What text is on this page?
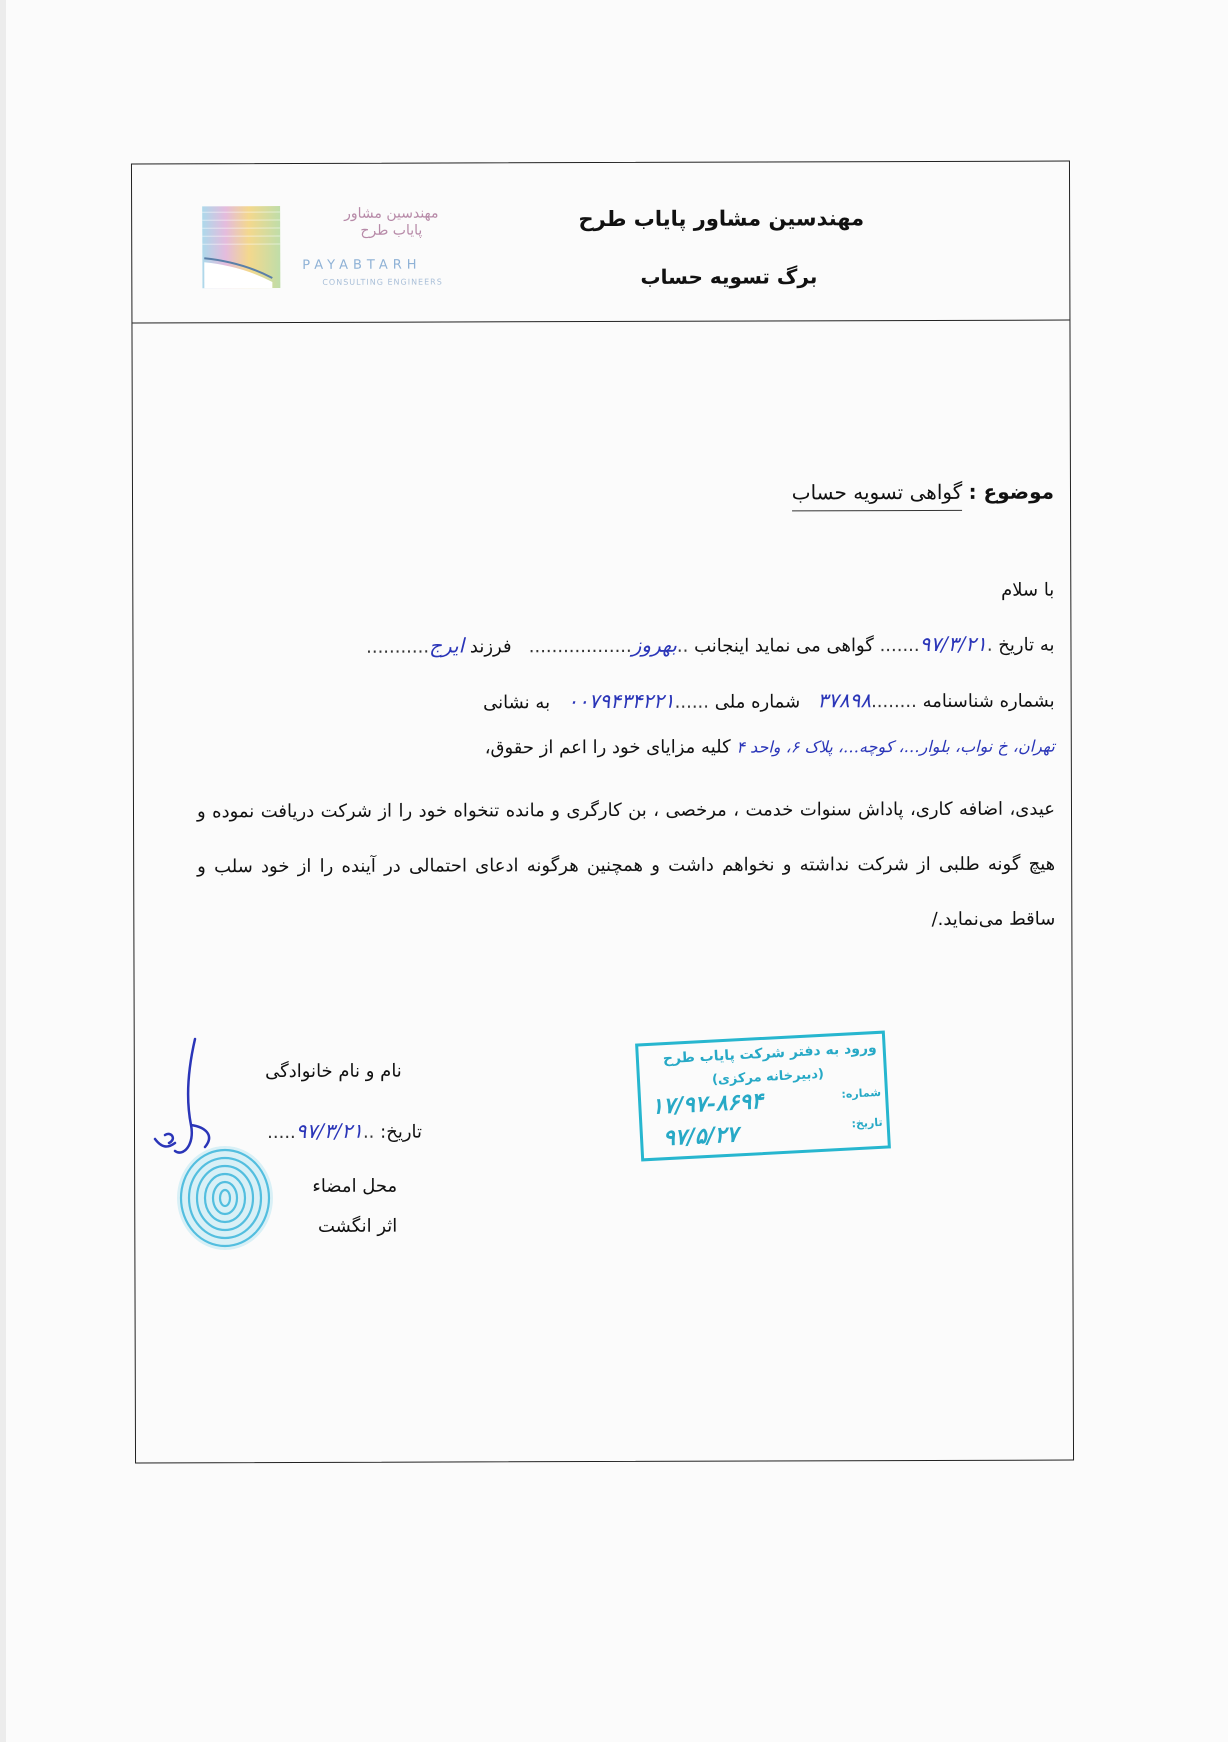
مهندسین مشاور پایاب طرح
برگ تسویه حساب
مهندسین مشاور
پایاب طرح
PAYABTARH
CONSULTING ENGINEERS
موضوع : گواهی تسویه حساب
با سلام
به تاریخ .۹۷/۳/۲۱....... گواهی می نماید اینجانب ..بهروز..................   فرزند ایرج...........
بشماره شناسنامه ........۳۷۸۹۸   شماره ملی ......۰۰۷۹۴۳۴۲۲۱   به نشانی
تهران، خ نواب، بلوار…، کوچه…، پلاک ۶، واحد ۴ کلیه مزایای خود را اعم از حقوق،
عیدی، اضافه کاری، پاداش سنوات خدمت ، مرخصی ، بن کارگری و مانده تنخواه خود را از شرکت دریافت نموده و هیچ گونه طلبی از شرکت نداشته و نخواهم داشت و همچنین هرگونه ادعای احتمالی در آینده را از خود سلب و ساقط می‌نماید./
نام و نام خانوادگی
تاریخ: ..۹۷/۳/۲۱.....
محل امضاء
اثر انگشت
ورود به دفتر شرکت پایاب طرح
(دبیرخانه مرکزی)
شماره:
۱۷/۹۷-۸۶۹۴
تاریخ:
۹۷/۵/۲۷
